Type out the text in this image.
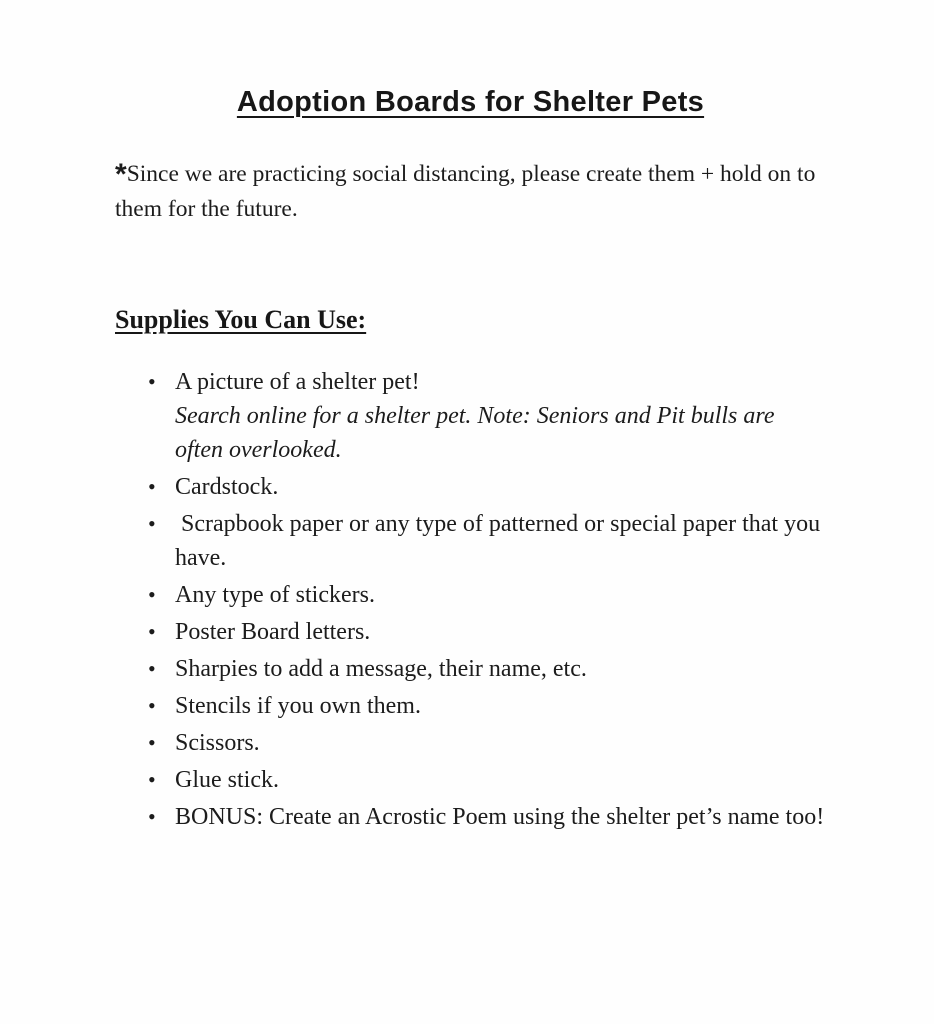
Adoption Boards for Shelter Pets

*Since we are practicing social distancing, please create them + hold on to them for the future.

Supplies You Can Use:
• A picture of a shelter pet!
Search online for a shelter pet. Note: Seniors and Pit bulls are often overlooked.
• Cardstock.
• Scrapbook paper or any type of patterned or special paper that you have.
• Any type of stickers.
• Poster Board letters.
• Sharpies to add a message, their name, etc.
• Stencils if you own them.
• Scissors.
• Glue stick.
• BONUS: Create an Acrostic Poem using the shelter pet’s name too!
